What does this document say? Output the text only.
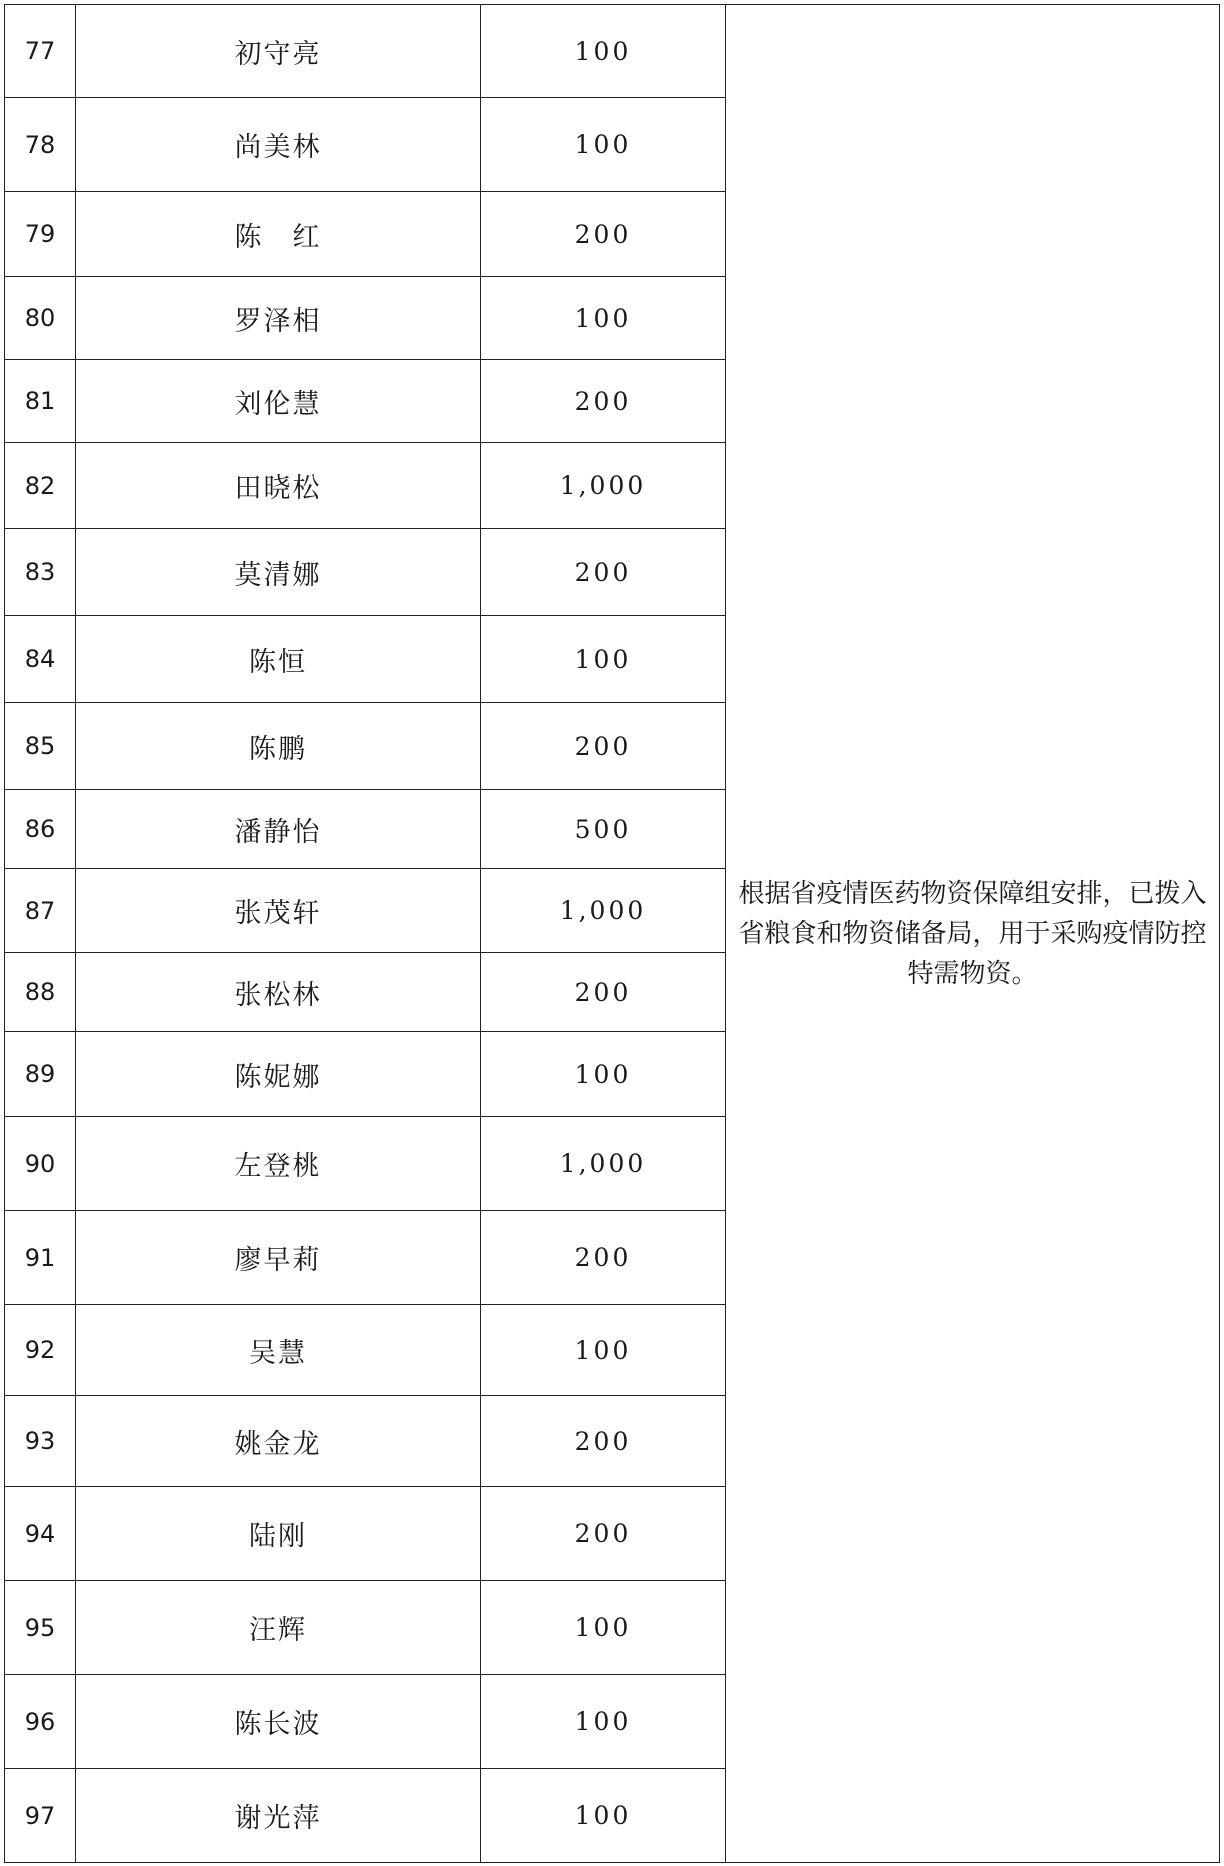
77	初守亮	100	根据省疫情医药物资保障组安排，已拨入省粮食和物资储备局，用于采购疫情防控特需物资。

78	尚美林	100	
79	陈　红	200	
80	罗泽相	100	
81	刘伦慧	200	
82	田晓松	1,000	
83	莫清娜	200	
84	陈恒	100	
85	陈鹏	200	
86	潘静怡	500	
87	张茂轩	1,000	
88	张松林	200	
89	陈妮娜	100	
90	左登桃	1,000	
91	廖早莉	200	
92	吴慧	100	
93	姚金龙	200	
94	陆刚	200	
95	汪辉	100	
96	陈长波	100	
97	谢光萍	100	
